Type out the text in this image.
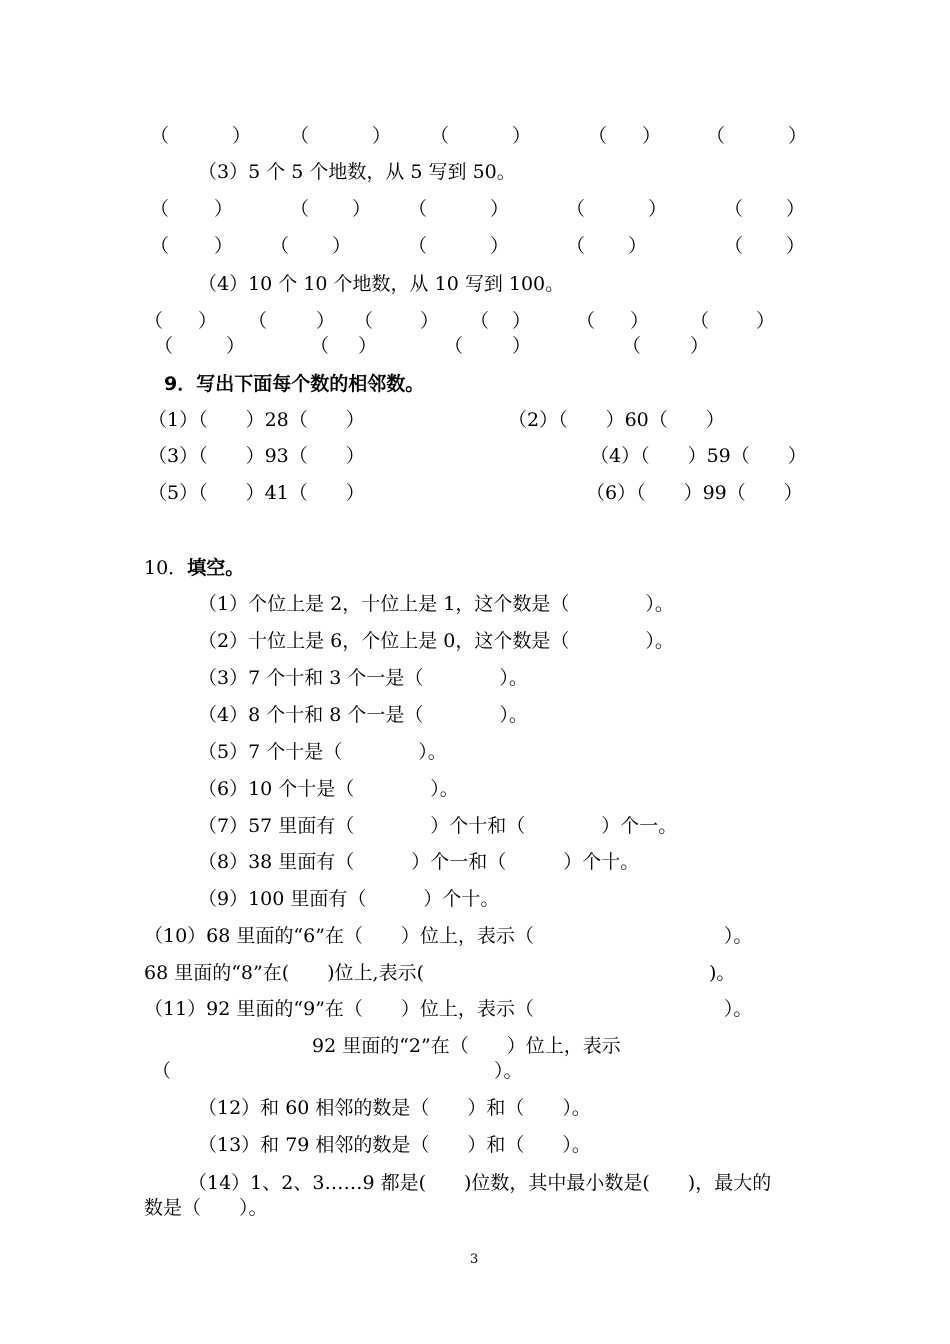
（	） （	） （	）	（ ） （	）
（3）5 个 5 个地数，从 5 写到 50。
（ ）	（ ） （	）	（	）	（ ）
（ ） （ ）	（	）	（ ）	（ ）
（4）10 个 10 个地数，从 10 写到 100。
（ ） （	） （ ） （ ） （ ） （ ）
（	）	（ ）	（	）	（	）
9．写出下面每个数的相邻数。
（1）（　　）28（　　）	（2）（　　）60（　　）
（3）（　　）93（　　）	（4）（　　）59（　　）
（5）（　　）41（　　）	（6）（　　）99（　　）
10．填空。
（1）个位上是 2，十位上是 1，这个数是（　　　　）。
（2）十位上是 6，个位上是 0，这个数是（　　　　）。
（3）7 个十和 3 个一是（　　　　）。
（4）8 个十和 8 个一是（　　　　）。
（5）7 个十是（　　　　）。
（6）10 个十是（　　　　）。
（7）57 里面有（　　　　）个十和（　　　　）个一。
（8）38 里面有（　　　）个一和（　　　）个十。
（9）100 里面有（　　　）个十。
（10）68 里面的“6”在（　　）位上，表示（　　　　　　　　　　）。
68 里面的“8”在(　　)位上,表示(　　　　　　　　　　　　　　　)。
（11）92 里面的“9”在（　　）位上，表示（　　　　　　　　　　）。
92 里面的“2”在（　　）位上，表示
（　　　　　　　　　　　　　　　　　）。
（12）和 60 相邻的数是（　　）和（　　）。
（13）和 79 相邻的数是（　　）和（　　）。
（14）1、2、3……9 都是(　　)位数，其中最小数是(　　)，最大的
数是（　　）。
3
